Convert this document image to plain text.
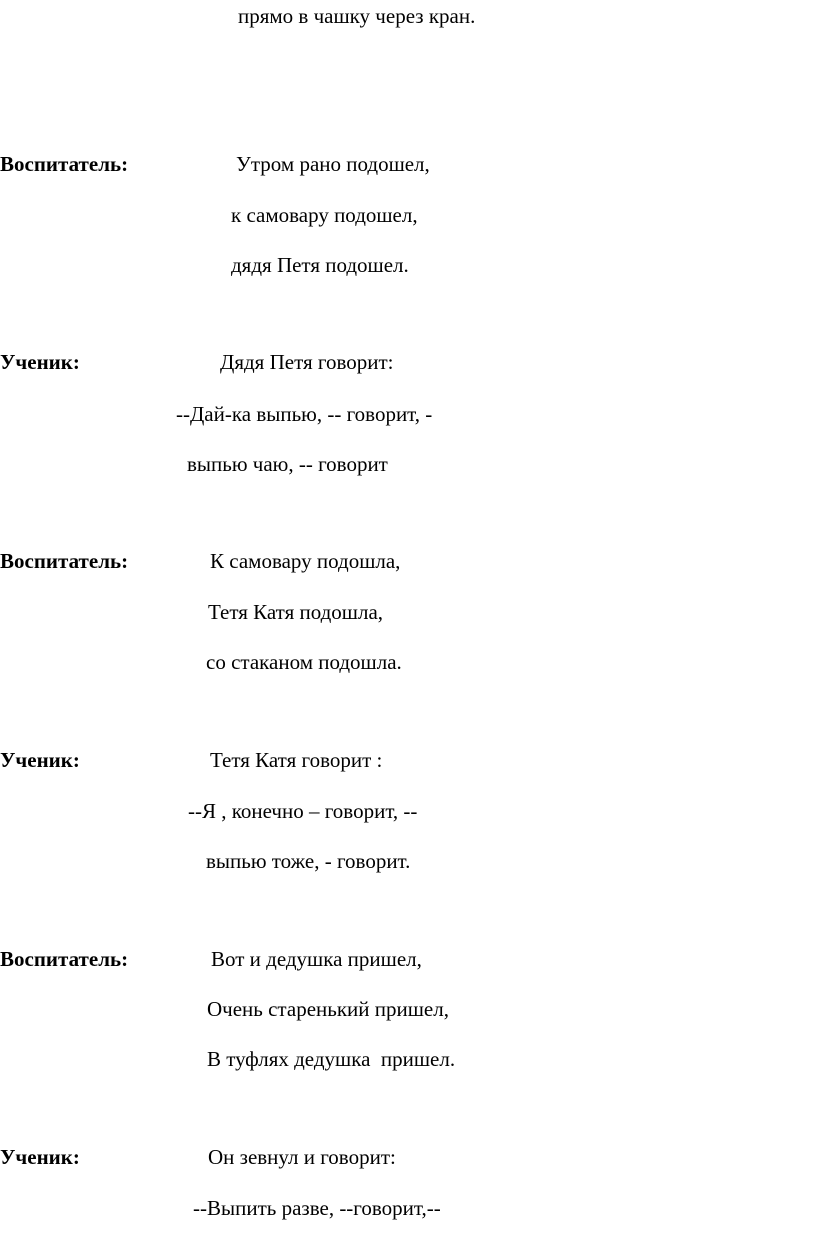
прямо в чашку через кран.
Воспитатель:	Утром рано подошел,
к самовару подошел,
дядя Петя подошел.
Ученик:	Дядя Петя говорит:
--Дай-ка выпью, -- говорит, -
выпью чаю, -- говорит
Воспитатель:	К самовару подошла,
Тетя Катя подошла,
со стаканом подошла.
Ученик:	Тетя Катя говорит :
--Я , конечно – говорит, --
выпью тоже, - говорит.
Воспитатель:	Вот и дедушка пришел,
Очень старенький пришел,
В туфлях дедушка  пришел.
Ученик:	Он зевнул и говорит:
--Выпить разве, --говорит,--
